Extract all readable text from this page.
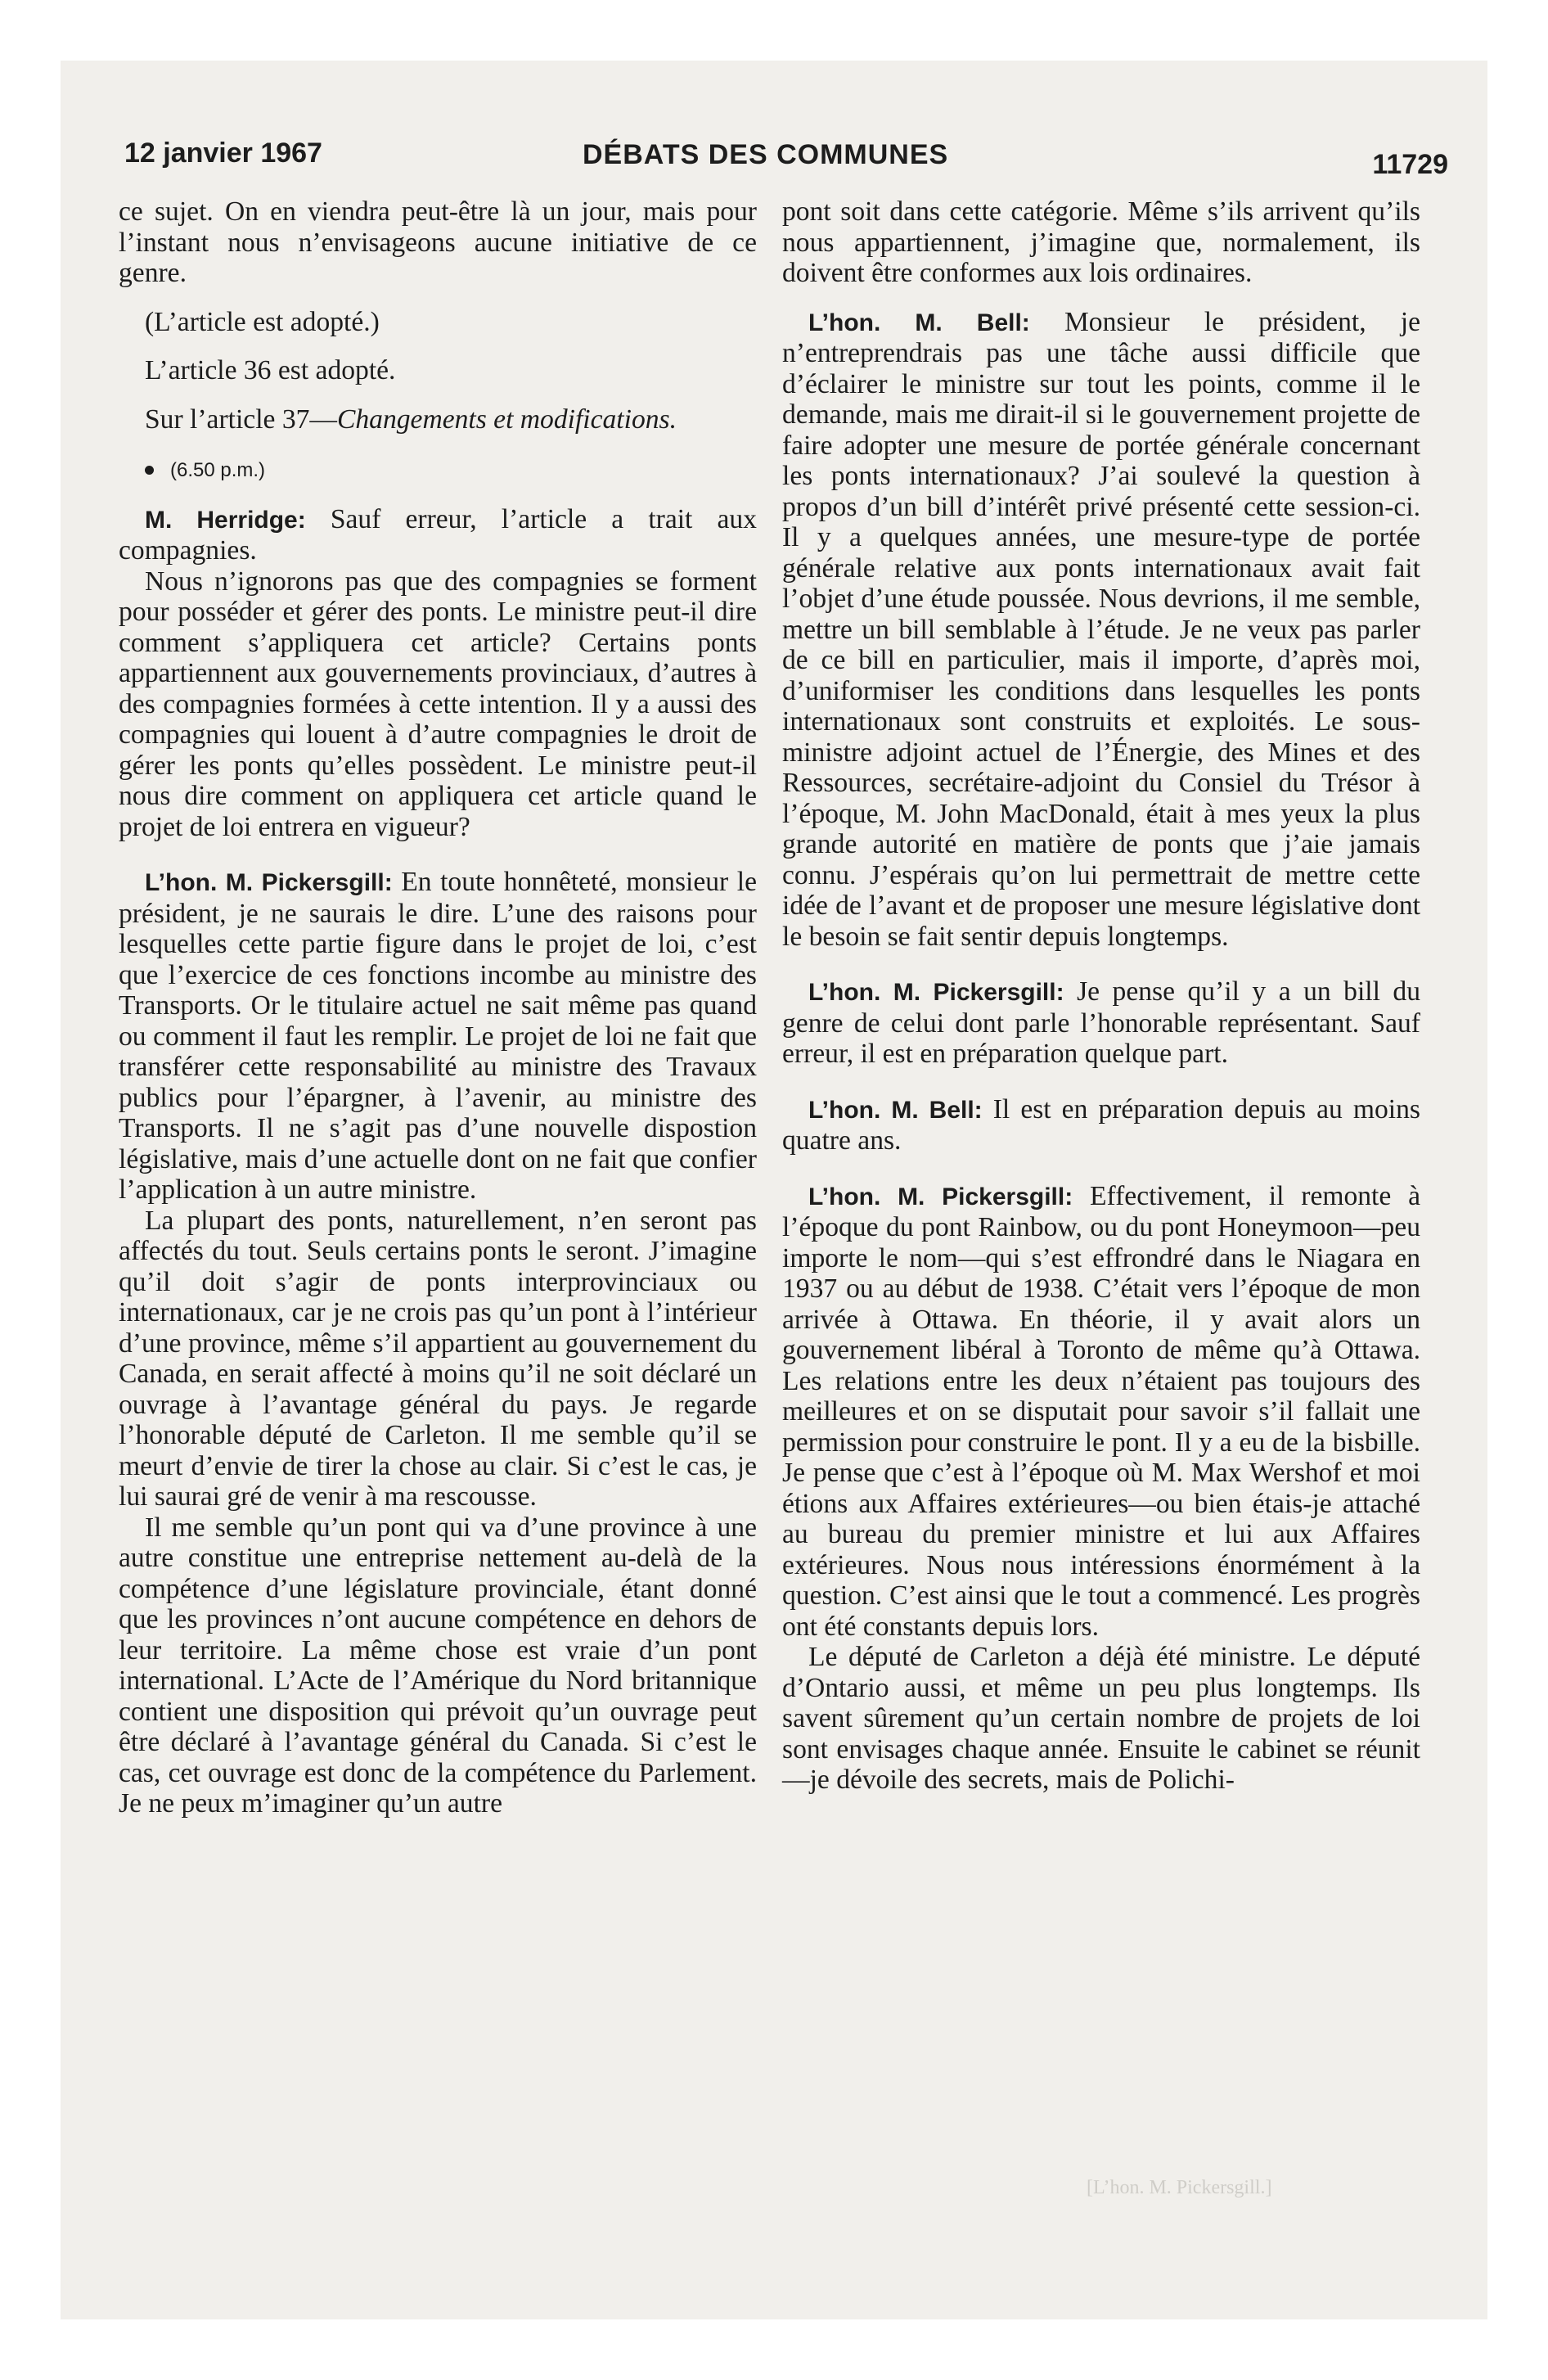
12 janvier 1967	DÉBATS DES COMMUNES	11729

ce sujet. On en viendra peut-être là un jour, mais pour l’instant nous n’envisageons aucune initiative de ce genre.

(L’article est adopté.)

L’article 36 est adopté.

Sur l’article 37—Changements et modifications.

(6.50 p.m.)

M. Herridge: Sauf erreur, l’article a trait aux compagnies.

Nous n’ignorons pas que des compagnies se forment pour posséder et gérer des ponts. Le ministre peut-il dire comment s’appliquera cet article? Certains ponts appartiennent aux gouvernements provinciaux, d’autres à des compagnies formées à cette intention. Il y a aussi des compagnies qui louent à d’autre compagnies le droit de gérer les ponts qu’elles possèdent. Le ministre peut-il nous dire comment on appliquera cet article quand le projet de loi entrera en vigueur?

L’hon. M. Pickersgill: En toute honnêteté, monsieur le président, je ne saurais le dire. L’une des raisons pour lesquelles cette partie figure dans le projet de loi, c’est que l’exercice de ces fonctions incombe au ministre des Transports. Or le titulaire actuel ne sait même pas quand ou comment il faut les remplir. Le projet de loi ne fait que transférer cette responsabilité au ministre des Travaux publics pour l’épargner, à l’avenir, au ministre des Transports. Il ne s’agit pas d’une nouvelle dispostion législative, mais d’une actuelle dont on ne fait que confier l’application à un autre ministre.

La plupart des ponts, naturellement, n’en seront pas affectés du tout. Seuls certains ponts le seront. J’imagine qu’il doit s’agir de ponts interprovinciaux ou internationaux, car je ne crois pas qu’un pont à l’intérieur d’une province, même s’il appartient au gouvernement du Canada, en serait affecté à moins qu’il ne soit déclaré un ouvrage à l’avantage général du pays. Je regarde l’honorable député de Carleton. Il me semble qu’il se meurt d’envie de tirer la chose au clair. Si c’est le cas, je lui saurai gré de venir à ma rescousse.

Il me semble qu’un pont qui va d’une province à une autre constitue une entreprise nettement au-delà de la compétence d’une législature provinciale, étant donné que les provinces n’ont aucune compétence en dehors de leur territoire. La même chose est vraie d’un pont international. L’Acte de l’Amérique du Nord britannique contient une disposition qui prévoit qu’un ouvrage peut être déclaré à l’avantage général du Canada. Si c’est le cas, cet ouvrage est donc de la compétence du Parlement. Je ne peux m’imaginer qu’un autre

pont soit dans cette catégorie. Même s’ils arrivent qu’ils nous appartiennent, j’imagine que, normalement, ils doivent être conformes aux lois ordinaires.

L’hon. M. Bell: Monsieur le président, je n’entreprendrais pas une tâche aussi difficile que d’éclairer le ministre sur tout les points, comme il le demande, mais me dirait-il si le gouvernement projette de faire adopter une mesure de portée générale concernant les ponts internationaux? J’ai soulevé la question à propos d’un bill d’intérêt privé présenté cette session-ci. Il y a quelques années, une mesure-type de portée générale relative aux ponts internationaux avait fait l’objet d’une étude poussée. Nous devrions, il me semble, mettre un bill semblable à l’étude. Je ne veux pas parler de ce bill en particulier, mais il importe, d’après moi, d’uniformiser les conditions dans lesquelles les ponts internationaux sont construits et exploités. Le sous-ministre adjoint actuel de l’Énergie, des Mines et des Ressources, secrétaire-adjoint du Consiel du Trésor à l’époque, M. John MacDonald, était à mes yeux la plus grande autorité en matière de ponts que j’aie jamais connu. J’espérais qu’on lui permettrait de mettre cette idée de l’avant et de proposer une mesure législative dont le besoin se fait sentir depuis longtemps.

L’hon. M. Pickersgill: Je pense qu’il y a un bill du genre de celui dont parle l’honorable représentant. Sauf erreur, il est en préparation quelque part.

L’hon. M. Bell: Il est en préparation depuis au moins quatre ans.

L’hon. M. Pickersgill: Effectivement, il remonte à l’époque du pont Rainbow, ou du pont Honeymoon—peu importe le nom—qui s’est effrondré dans le Niagara en 1937 ou au début de 1938. C’était vers l’époque de mon arrivée à Ottawa. En théorie, il y avait alors un gouvernement libéral à Toronto de même qu’à Ottawa. Les relations entre les deux n’étaient pas toujours des meilleures et on se disputait pour savoir s’il fallait une permission pour construire le pont. Il y a eu de la bisbille. Je pense que c’est à l’époque où M. Max Wershof et moi étions aux Affaires extérieures—ou bien étais-je attaché au bureau du premier ministre et lui aux Affaires extérieures. Nous nous intéressions énormément à la question. C’est ainsi que le tout a commencé. Les progrès ont été constants depuis lors.

Le député de Carleton a déjà été ministre. Le député d’Ontario aussi, et même un peu plus longtemps. Ils savent sûrement qu’un certain nombre de projets de loi sont envisages chaque année. Ensuite le cabinet se réunit—je dévoile des secrets, mais de Polichi-

[L’hon. M. Pickersgill.]
